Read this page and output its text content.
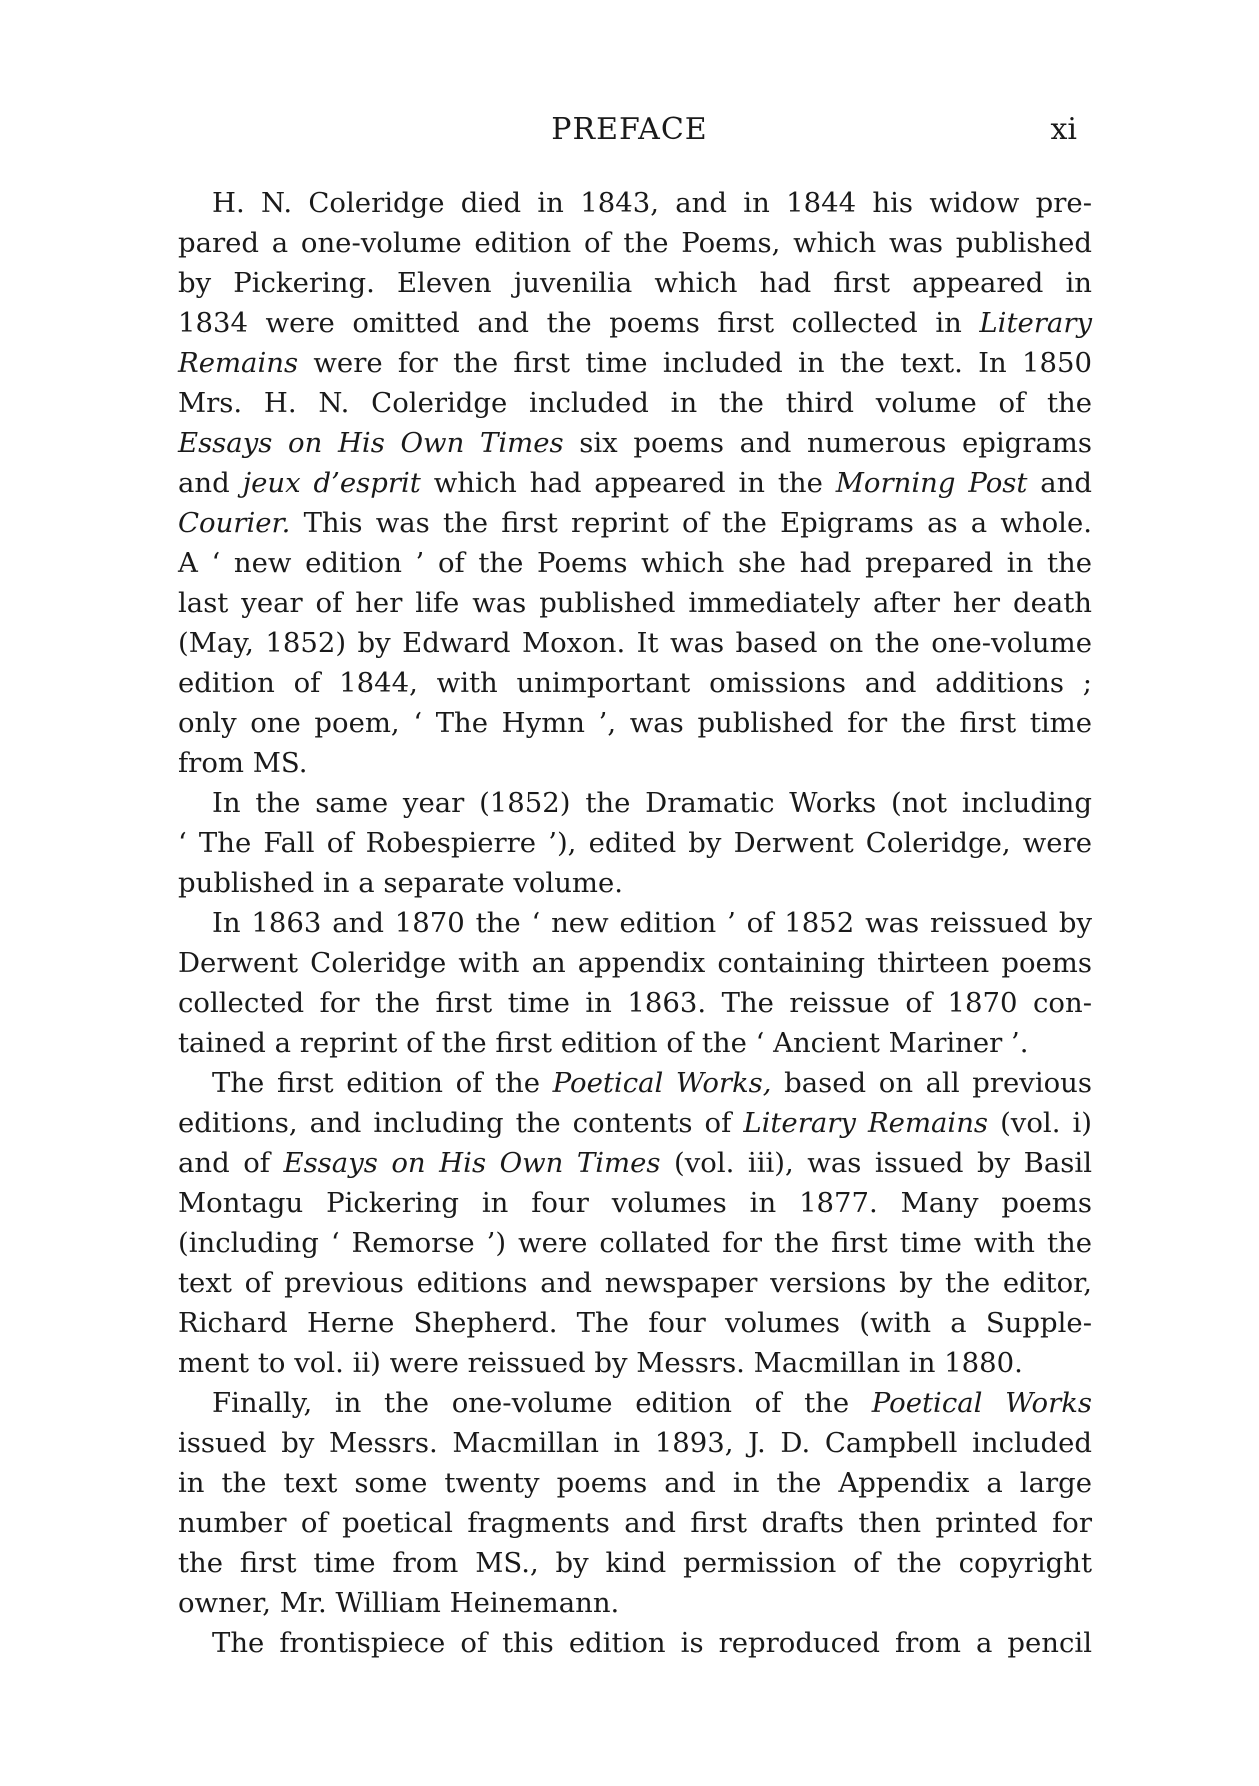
PREFACE	xi
H. N. Coleridge died in 1843, and in 1844 his widow pre-
pared a one-volume edition of the Poems, which was published
by Pickering. Eleven juvenilia which had first appeared in
1834 were omitted and the poems first collected in Literary
Remains were for the first time included in the text. In 1850
Mrs. H. N. Coleridge included in the third volume of the
Essays on His Own Times six poems and numerous epigrams
and jeux d’esprit which had appeared in the Morning Post and
Courier. This was the first reprint of the Epigrams as a whole.
A ‘ new edition ’ of the Poems which she had prepared in the
last year of her life was published immediately after her death
(May, 1852) by Edward Moxon. It was based on the one-volume
edition of 1844, with unimportant omissions and additions ;
only one poem, ‘ The Hymn ’, was published for the first time
from MS.
In the same year (1852) the Dramatic Works (not including
‘ The Fall of Robespierre ’), edited by Derwent Coleridge, were
published in a separate volume.
In 1863 and 1870 the ‘ new edition ’ of 1852 was reissued by
Derwent Coleridge with an appendix containing thirteen poems
collected for the first time in 1863. The reissue of 1870 con-
tained a reprint of the first edition of the ‘ Ancient Mariner ’.
The first edition of the Poetical Works, based on all previous
editions, and including the contents of Literary Remains (vol. i)
and of Essays on His Own Times (vol. iii), was issued by Basil
Montagu Pickering in four volumes in 1877. Many poems
(including ‘ Remorse ’) were collated for the first time with the
text of previous editions and newspaper versions by the editor,
Richard Herne Shepherd. The four volumes (with a Supple-
ment to vol. ii) were reissued by Messrs. Macmillan in 1880.
Finally, in the one-volume edition of the Poetical Works
issued by Messrs. Macmillan in 1893, J. D. Campbell included
in the text some twenty poems and in the Appendix a large
number of poetical fragments and first drafts then printed for
the first time from MS., by kind permission of the copyright
owner, Mr. William Heinemann.
The frontispiece of this edition is reproduced from a pencil
